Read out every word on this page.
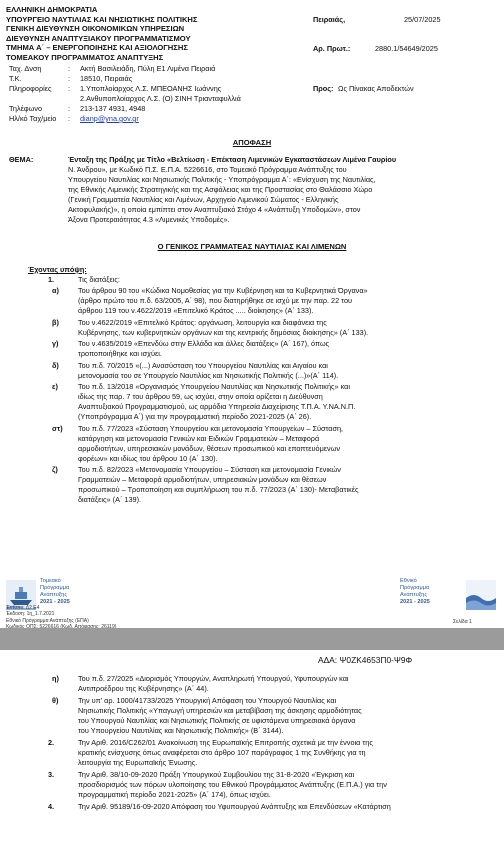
ΕΛΛΗΝΙΚΗ ΔΗΜΟΚΡΑΤΙΑ
ΥΠΟΥΡΓΕΙΟ ΝΑΥΤΙΛΙΑΣ ΚΑΙ ΝΗΣΙΩΤΙΚΗΣ ΠΟΛΙΤΙΚΗΣ
ΓΕΝΙΚΗ ΔΙΕΥΘΥΝΣΗ ΟΙΚΟΝΟΜΙΚΩΝ ΥΠΗΡΕΣΙΩΝ
ΔΙΕΥΘΥΝΣΗ ΑΝΑΠΤΥΞΙΑΚΟΥ ΠΡΟΓΡΑΜΜΑΤΙΣΜΟΥ
ΤΜΗΜΑ Α΄ – ΕΝΕΡΓΟΠΟΙΗΣΗΣ ΚΑΙ ΑΞΙΟΛΟΓΗΣΗΣ
ΤΟΜΕΑΚΟΥ ΠΡΟΓΡΑΜΜΑΤΟΣ ΑΝΑΠΤΥΞΗΣ
Πειραιάς,	25/07/2025
Αρ. Πρωτ.:	2880.1/54649/2025
Ταχ. Δνση	: Ακτή Βασιλειάδη, Πύλη Ε1 Λιμένα Πειραιά
Τ.Κ.	: 18510, Πειραιάς
Πληροφορίες : 1.Υποπλοίαρχος Λ.Σ. ΜΠΕΟΑΝΗΣ Ιωάννης	Προς: Ως Πίνακας Αποδεκτών
2.Ανθυποπλοίαρχος Λ.Σ. (Ο) ΣΙΝΗ Τριανταφυλλιά
Τηλέφωνο	: 213-137 4931, 4948
Ηλ/κό Ταχ/μείο : dianp@yna.gov.gr
ΑΠΟΦΑΣΗ
ΘΕΜΑ:	Ένταξη της Πράξης με Τίτλο «Βελτίωση - Επέκταση Λιμενικών Εγκαταστάσεων Λιμένα Γαυρίου
Ν. Άνδρου», με Κωδικό Π.Σ. Ε.Π.Α. 5226616, στο Τομεακό Πρόγραμμα Ανάπτυξης του
Υπουργείου Ναυτιλίας και Νησιωτικής Πολιτικής - Υποπρόγραμμα Α΄: «Ενίσχυση της Ναυτιλίας,
της Εθνικής Λιμενικής Στρατηγικής και της Ασφάλειας και της Προστασίας στο Θαλάσσιο Χώρο
(Γενική Γραμματεία Ναυτιλίας και Λιμένων, Αρχηγείο Λιμενικού Σώματος - Ελληνικής
Ακτοφυλακής)», η οποία εμπίπτει στον Αναπτυξιακό Στόχο 4 «Ανάπτυξη Υποδομών», στον
Άξονα Προτεραιότητας 4.3 «Λιμενικές Υποδομές».
Ο ΓΕΝΙΚΟΣ ΓΡΑΜΜΑΤΕΑΣ ΝΑΥΤΙΛΙΑΣ ΚΑΙ ΛΙΜΕΝΩΝ
Έχοντας υπόψη:
1.	Τις διατάξεις:
α)	Του άρθρου 90 του «Κώδικα Νομοθεσίας για την Κυβέρνηση και τα Κυβερνητικά Όργανα»
(άρθρο πρώτο του π.δ. 63/2005, Α΄ 98), που διατηρήθηκε σε ισχύ με την παρ. 22 του
άρθρου 119 του ν.4622/2019 «Επιτελικό Κράτος ..... διοίκησης» (Α΄ 133).
β)	Του ν.4622/2019 «Επιτελικό Κράτος: οργάνωση, λειτουργία και διαφάνεια της
Κυβέρνησης, των κυβερνητικών οργάνων και της κεντρικής δημόσιας διοίκησης» (Α΄ 133).
γ)	Του ν.4635/2019 «Επενδύω στην Ελλάδα και άλλες διατάξεις» (Α΄ 167), όπως
τροποποιήθηκε και ισχύει.
δ)	Του π.δ. 70/2015 «(...) Ανασύσταση του Υπουργείου Ναυτιλίας και Αιγαίου και
μετονομασία του σε Υπουργείο Ναυτιλίας και Νησιωτικής Πολιτικής (...)»(Α΄ 114).
ε)	Του π.δ. 13/2018 «Οργανισμός Υπουργείου Ναυτιλίας και Νησιωτικής Πολιτικής» και
ιδίως της παρ. 7 του άρθρου 59, ως ισχύει, στην οποία ορίζεται η Διεύθυνση
Αναπτυξιακού Προγραμματισμού, ως αρμόδια Υπηρεσία Διαχείρισης Τ.Π.Α. Υ.ΝΑ.Ν.Π.
(Υποπρόγραμμα Α΄) για την προγραμματική περίοδο 2021-2025 (Α΄ 26).
στ) Του π.δ. 77/2023 «Σύσταση Υπουργείου και μετονομασία Υπουργείων – Σύσταση,
κατάργηση και μετονομασία Γενικών και Ειδικών Γραμματειών – Μεταφορά
αρμοδιοτήτων, υπηρεσιακών μονάδων, θέσεων προσωπικού και εποπτευόμενων
φορέων» και ιδίως του άρθρου 10 (Α΄ 130).
ζ)	Του π.δ. 82/2023 «Μετονομασία Υπουργείου – Σύσταση και μετονομασία Γενικών
Γραμματειών – Μεταφορά αρμοδιοτήτων, υπηρεσιακών μονάδων και θέσεων
προσωπικού – Τροποποίηση και συμπλήρωση του π.δ. 77/2023 (Α΄ 130)- Μεταβατικές
διατάξεις» (Α΄ 139).
Τομεακό
Πρόγραμμα
Ανάπτυξης
2021 - 2025
Εθνικό
Πρόγραμμα
Ανάπτυξης
2021 - 2025
Έντυπο: Δ2 Ε4
Έκδοση: 1η_1.7.2021
Εθνικό Πρόγραμμα Ανάπτυξης (ΕΠΑ)	Σελίδα 1
ΑΔΑ: Ψ0ΖΚ4653Π0-Ψ9Φ
η)	Του π.δ. 27/2025 «Διορισμός Υπουργών, Αναπληρωτή Υπουργού, Υφυπουργών και
Αντιπροέδρου της Κυβέρνησης» (Α΄ 44).
θ)	Την υπ' αρ. 1000/41733/2025 Υπουργική Απόφαση του Υπουργού Ναυτιλίας και
Νησιωτικής Πολιτικής «Υπαγωγή υπηρεσιών και μεταβίβαση της άσκησης αρμοδιότητας
του Υπουργού Ναυτιλίας και Νησιωτικής Πολιτικής σε υφιστάμενα υπηρεσιακά όργανα
του Υπουργείου Ναυτιλίας και Νησιωτικής Πολιτικής» (Β΄ 3144).
2.	Την Αριθ. 2016/C262/01 Ανακοίνωση της Ευρωπαϊκής Επιτροπής σχετικά με την έννοια της
κρατικής ενίσχυσης όπως αναφέρεται στο άρθρο 107 παράγραφος 1 της Συνθήκης για τη
λειτουργία της Ευρωπαϊκής Ένωσης.
3.	Την Αριθ. 38/10-09-2020 Πράξη Υπουργικού Συμβουλίου της 31-8-2020 «Έγκριση και
προσδιορισμός των πόρων υλοποίησης του Εθνικού Προγράμματος Ανάπτυξης (Ε.Π.Α.) για την
προγραμματική περίοδο 2021-2025» (Α΄ 174), όπως ισχύει.
4.	Την Αριθ. 95189/16-09-2020 Απόφαση του Υφυπουργού Ανάπτυξης και Επενδύσεων «Κατάρτιση
